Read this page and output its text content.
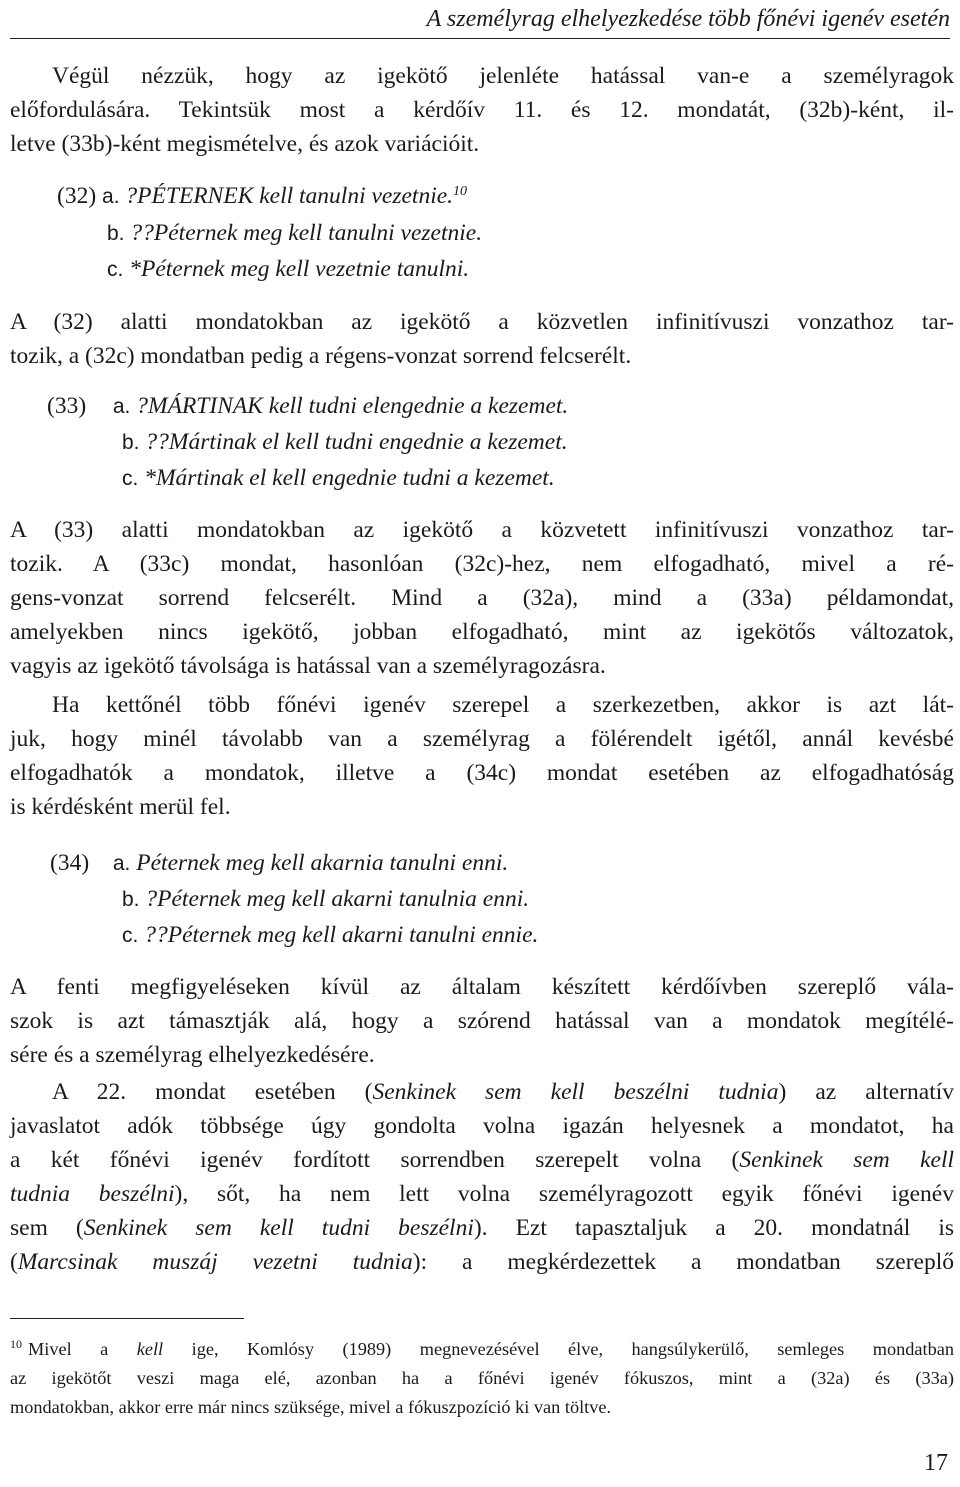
A személyrag elhelyezkedése több főnévi igenév esetén
Végül nézzük, hogy az igekötő jelenléte hatással van-e a személyragok
előfordulására. Tekintsük most a kérdőív 11. és 12. mondatát, (32b)-ként, il-
letve (33b)-ként megismételve, és azok variációit.
(32) a. ?PÉTERNEK kell tanulni vezetnie.$^{10}$
b. ??Péternek meg kell tanulni vezetnie.
c. *Péternek meg kell vezetnie tanulni.
A (32) alatti mondatokban az igekötő a közvetlen infinitívuszi vonzathoz tar-
tozik, a (32c) mondatban pedig a régens-vonzat sorrend felcserélt.
(33) a. ?MÁRTINAK kell tudni elengednie a kezemet.
b. ??Mártinak el kell tudni engednie a kezemet.
c. *Mártinak el kell engednie tudni a kezemet.
A (33) alatti mondatokban az igekötő a közvetett infinitívuszi vonzathoz tar-
tozik. A (33c) mondat, hasonlóan (32c)-hez, nem elfogadható, mivel a ré-
gens-vonzat sorrend felcserélt. Mind a (32a), mind a (33a) példamondat,
amelyekben nincs igekötő, jobban elfogadható, mint az igekötős változatok,
vagyis az igekötő távolsága is hatással van a személyragozásra.
Ha kettőnél több főnévi igenév szerepel a szerkezetben, akkor is azt lát-
juk, hogy minél távolabb van a személyrag a fölérendelt igétől, annál kevésbé
elfogadhatók a mondatok, illetve a (34c) mondat esetében az elfogadhatóság
is kérdésként merül fel.
(34) a. Péternek meg kell akarnia tanulni enni.
b. ?Péternek meg kell akarni tanulnia enni.
c. ??Péternek meg kell akarni tanulni ennie.
A fenti megfigyeléseken kívül az általam készített kérdőívben szereplő vála-
szok is azt támasztják alá, hogy a szórend hatással van a mondatok megítélé-
sére és a személyrag elhelyezkedésére.
A 22. mondat esetében (Senkinek sem kell beszélni tudnia) az alternatív
javaslatot adók többsége úgy gondolta volna igazán helyesnek a mondatot, ha
a két főnévi igenév fordított sorrendben szerepelt volna (Senkinek sem kell
tudnia beszélni), sőt, ha nem lett volna személyragozott egyik főnévi igenév
sem (Senkinek sem kell tudni beszélni). Ezt tapasztaljuk a 20. mondatnál is
(Marcsinak muszáj vezetni tudnia): a megkérdezettek a mondatban szereplő
$^{10}$ Mivel a kell ige, Komlósy (1989) megnevezésével élve, hangsúlykerülő, semleges mondatban
az igekötőt veszi maga elé, azonban ha a főnévi igenév fókuszos, mint a (32a) és (33a)
mondatokban, akkor erre már nincs szüksége, mivel a fókuszpozíció ki van töltve.
17
